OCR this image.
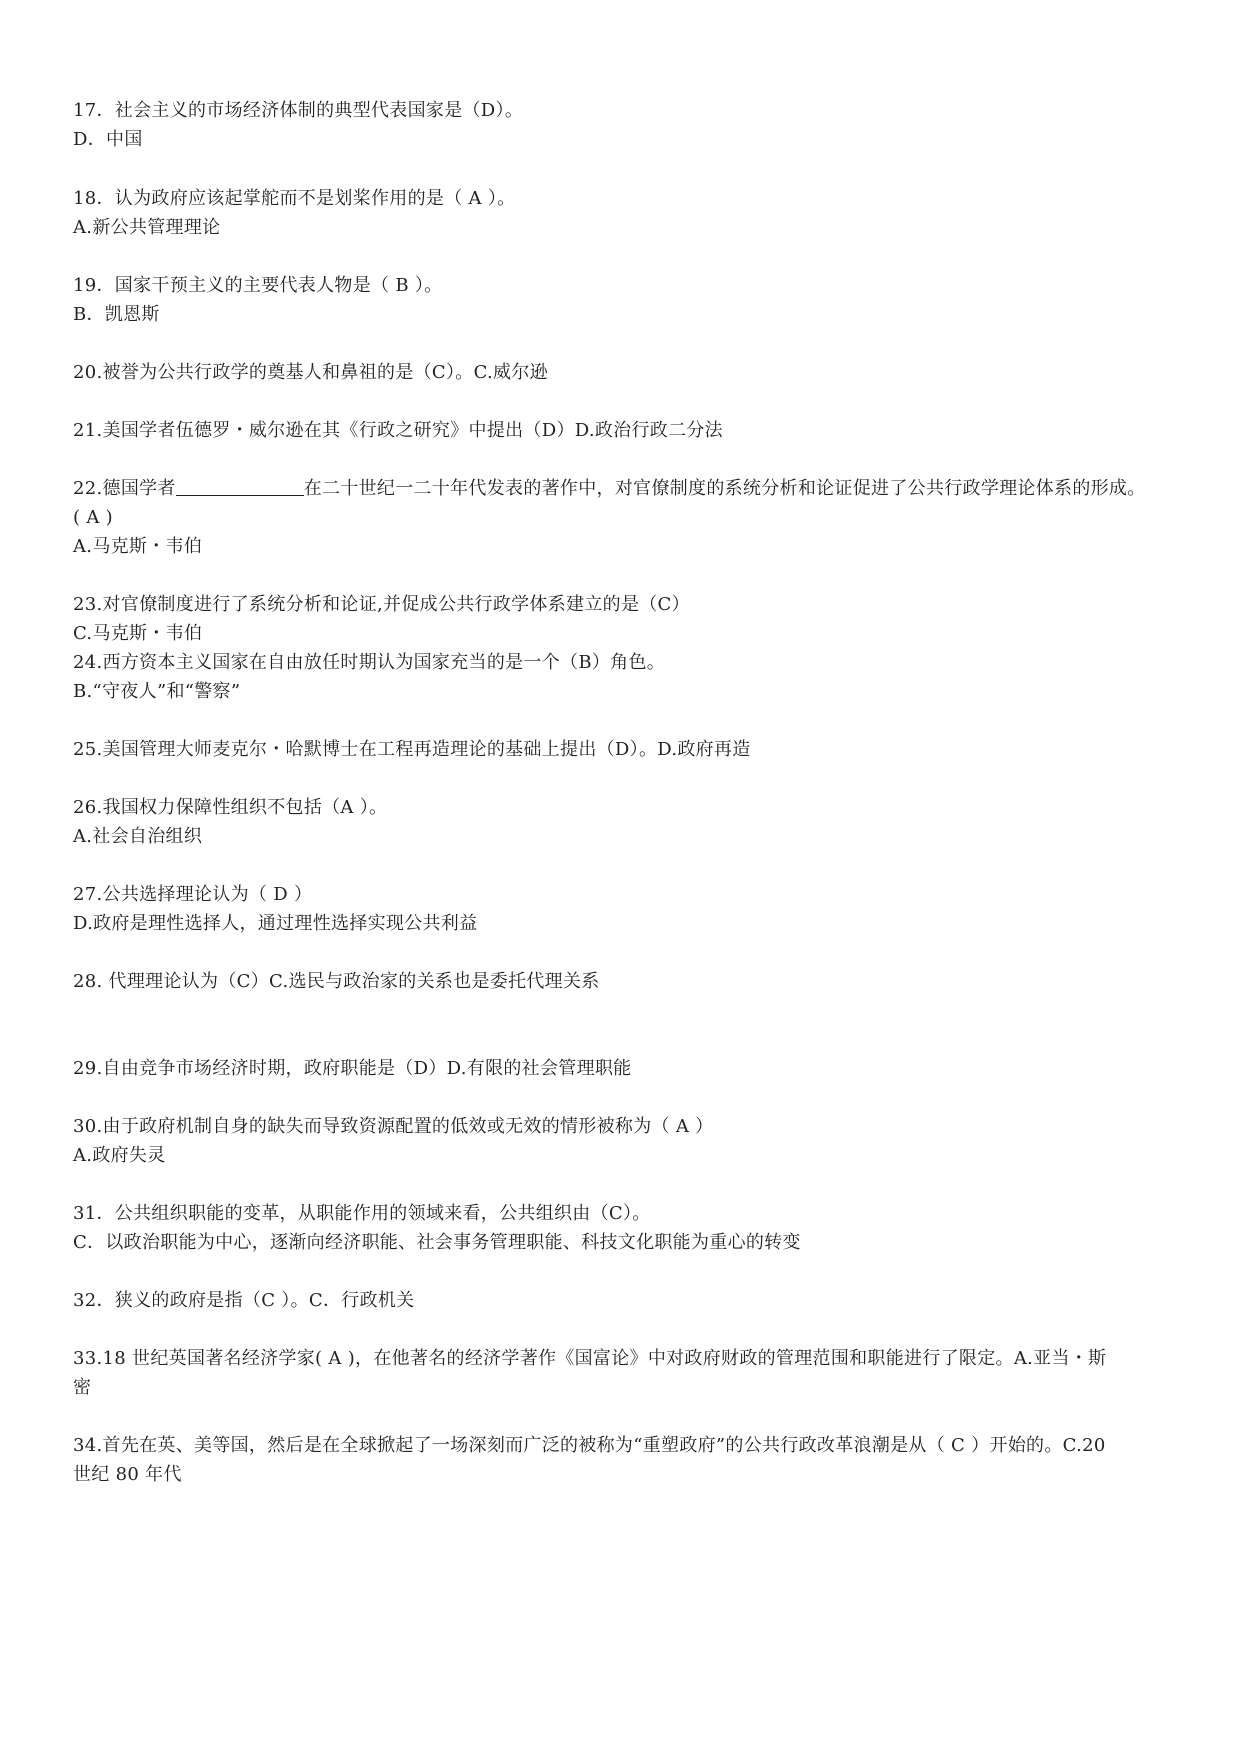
17．社会主义的市场经济体制的典型代表国家是（D）。
D．中国
18．认为政府应该起掌舵而不是划桨作用的是（ A ）。
A.新公共管理理论
19．国家干预主义的主要代表人物是（ B ）。
B．凯恩斯
20.被誉为公共行政学的奠基人和鼻祖的是（C）。C.威尔逊
21.美国学者伍德罗・威尔逊在其《行政之研究》中提出（D）D.政治行政二分法
22.德国学者	在二十世纪一二十年代发表的著作中，对官僚制度的系统分析和论证促进了公共行政学理论体系的形成。
( A )
A.马克斯・韦伯
23.对官僚制度进行了系统分析和论证,并促成公共行政学体系建立的是（C）
C.马克斯・韦伯
24.西方资本主义国家在自由放任时期认为国家充当的是一个（B）角色。
B.“守夜人”和“警察”
25.美国管理大师麦克尔・哈默博士在工程再造理论的基础上提出（D）。D.政府再造
26.我国权力保障性组织不包括（A ）。
A.社会自治组织
27.公共选择理论认为（ D ）
D.政府是理性选择人，通过理性选择实现公共利益
28. 代理理论认为（C）C.选民与政治家的关系也是委托代理关系
29.自由竞争市场经济时期，政府职能是（D）D.有限的社会管理职能
30.由于政府机制自身的缺失而导致资源配置的低效或无效的情形被称为（ A ）
A.政府失灵
31．公共组织职能的变革，从职能作用的领域来看，公共组织由（C）。
C．以政治职能为中心，逐渐向经济职能、社会事务管理职能、科技文化职能为重心的转变
32．狭义的政府是指（C ）。C．行政机关
33.18 世纪英国著名经济学家( A )，在他著名的经济学著作《国富论》中对政府财政的管理范围和职能进行了限定。A.亚当・斯
密
34.首先在英、美等国，然后是在全球掀起了一场深刻而广泛的被称为“重塑政府”的公共行政改革浪潮是从（ C ）开始的。C.20
世纪 80 年代
